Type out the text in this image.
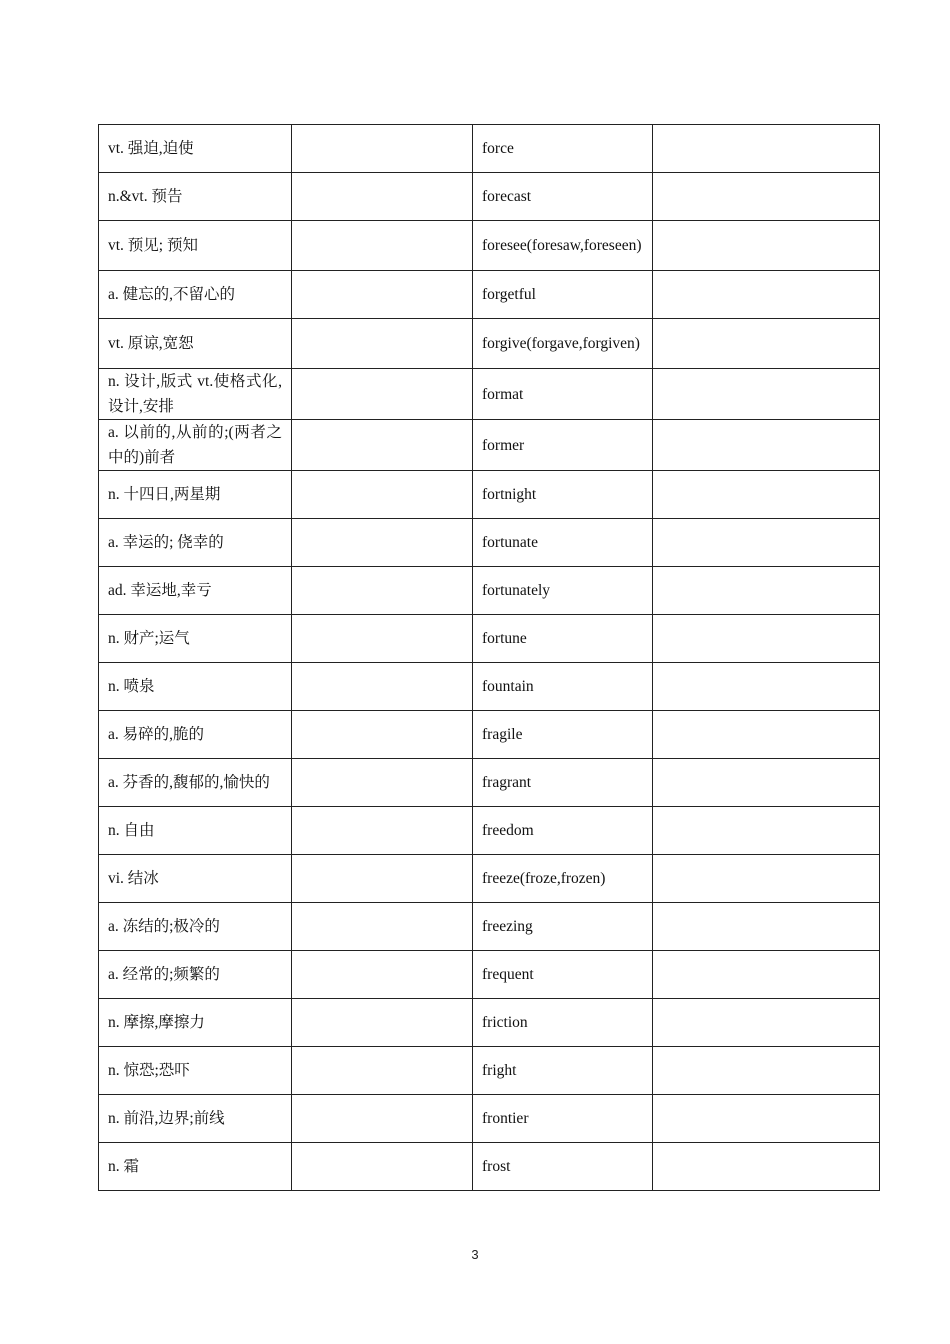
vt. 强迫,迫使		force	
n.&vt. 预告		forecast	
vt. 预见; 预知		foresee(foresaw,foreseen)	
a. 健忘的,不留心的		forgetful	
vt. 原谅,宽恕		forgive(forgave,forgiven)	
n. 设计,版式 vt.使格式化,设计,安排		format	
a. 以前的,从前的;(两者之中的)前者		former	
n. 十四日,两星期		fortnight	
a. 幸运的; 侥幸的		fortunate	
ad. 幸运地,幸亏		fortunately	
n. 财产;运气		fortune	
n. 喷泉		fountain	
a. 易碎的,脆的		fragile	
a. 芬香的,馥郁的,愉快的		fragrant	
n. 自由		freedom	
vi. 结冰		freeze(froze,frozen)	
a. 冻结的;极冷的		freezing	
a. 经常的;频繁的		frequent	
n. 摩擦,摩擦力		friction	
n. 惊恐;恐吓		fright	
n. 前沿,边界;前线		frontier	
n. 霜		frost	
3
